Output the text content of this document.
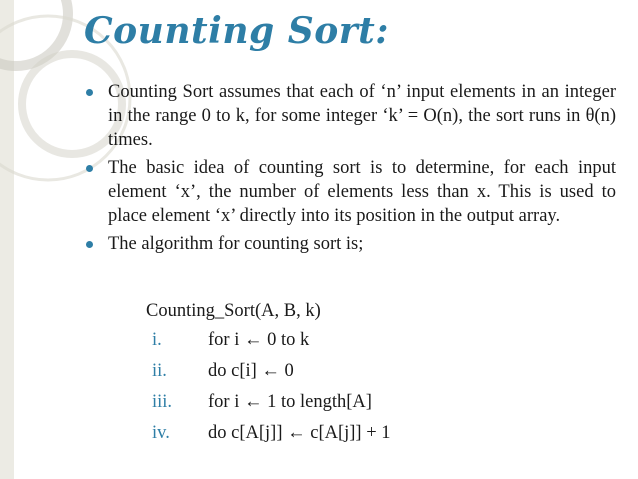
Counting Sort:
Counting Sort assumes that each of ‘n’ input elements in an integer in the range 0 to k, for some integer ‘k’ = O(n), the sort runs in θ(n) times.
The basic idea of counting sort is to determine, for each input element ‘x’, the number of elements less than x. This is used to place element ‘x’ directly into its position in the output array.
The algorithm for counting sort is;
Counting_Sort(A, B, k)
i. for i ← 0 to k
ii. do c[i] ← 0
iii. for i ← 1 to length[A]
iv. do c[A[j]] ← c[A[j]] + 1
